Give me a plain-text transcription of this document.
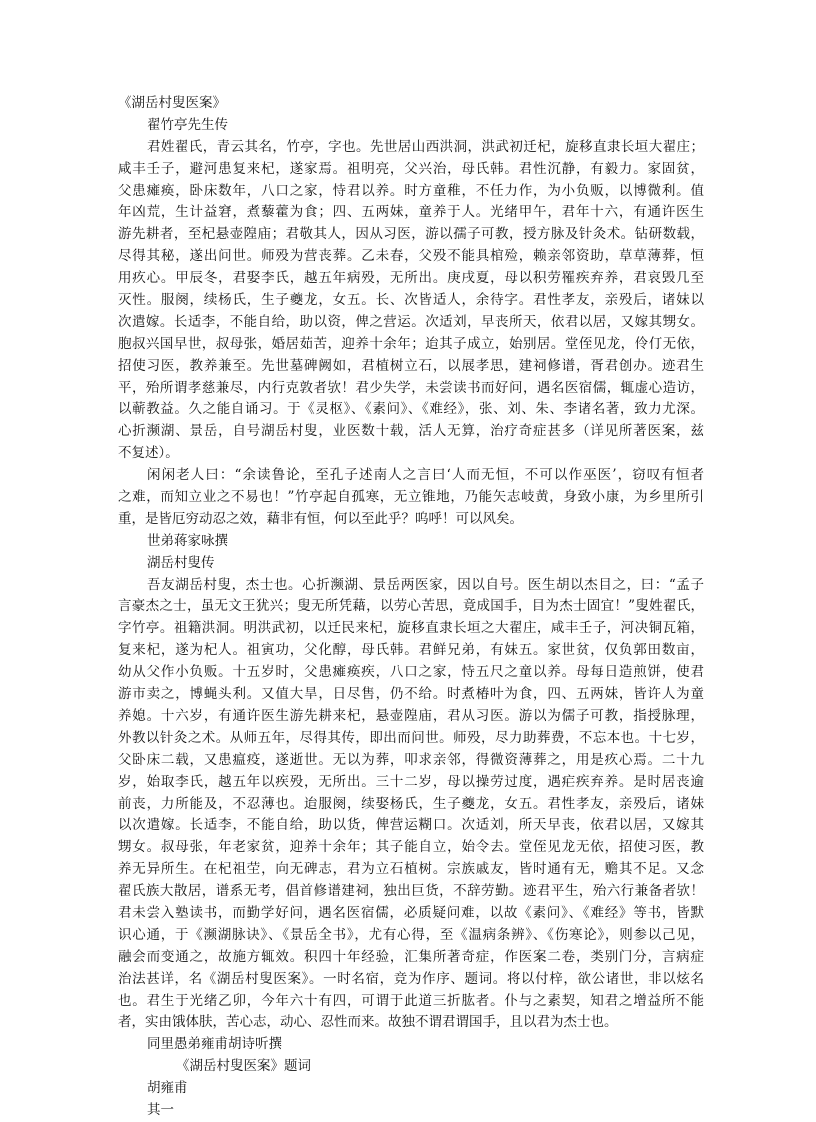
《湖岳村叟医案》
翟竹亭先生传
君姓翟氏，青云其名，竹亭，字也。先世居山西洪洞，洪武初迁杞，旋移直隶长垣大翟庄；
咸丰壬子，避河患复来杞，遂家焉。祖明亮，父兴治，母氏韩。君性沉静，有毅力。家固贫，
父患瘫痪，卧床数年，八口之家，恃君以养。时方童稚，不任力作，为小负贩，以博微利。值
年凶荒，生计益窘，煮藜藿为食；四、五两妹，童养于人。光绪甲午，君年十六，有通许医生
游先耕者，至杞悬壶隍庙；君敬其人，因从习医，游以孺子可教，授方脉及针灸术。钻研数载，
尽得其秘，遂出问世。师殁为营丧葬。乙未春，父殁不能具棺殓，赖亲邻资助，草草薄葬，恒
用疚心。甲辰冬，君娶李氏，越五年病殁，无所出。庚戌夏，母以积劳罹疾弃养，君哀毁几至
灭性。服阕，续杨氏，生子夔龙，女五。长、次皆适人，余待字。君性孝友，亲殁后，诸妹以
次遣嫁。长适李，不能自给，助以资，俾之营运。次适刘，早丧所天，依君以居，又嫁其甥女。
胞叔兴国早世，叔母张，婚居茹苦，迎养十余年；迨其子成立，始别居。堂侄见龙，伶仃无依，
招使习医，教养兼至。先世墓碑阙如，君植树立石，以展孝思，建祠修谱，胥君创办。迹君生
平，殆所谓孝慈兼尽，内行克敦者欤！君少失学，未尝读书而好问，遇名医宿儒，辄虚心造访，
以蕲教益。久之能自诵习。于《灵枢》、《素问》、《难经》，张、刘、朱、李诸名著，致力尤深。
心折濒湖、景岳，自号湖岳村叟，业医数十载，活人无算，治疗奇症甚多（详见所著医案，兹
不复述）。
闲闲老人曰：“余读鲁论，至孔子述南人之言曰‘人而无恒，不可以作巫医’，窃叹有恒者
之难，而知立业之不易也！”竹亭起自孤寒，无立锥地，乃能矢志岐黄，身致小康，为乡里所引
重，是皆厄穷动忍之效，藉非有恒，何以至此乎？呜呼！可以风矣。
世弟蒋家咏撰
湖岳村叟传
吾友湖岳村叟，杰士也。心折濒湖、景岳两医家，因以自号。医生胡以杰目之，曰：“孟子
言豪杰之士，虽无文王犹兴；叟无所凭藉，以劳心苦思，竟成国手，目为杰士固宜！”叟姓翟氏，
字竹亭。祖籍洪洞。明洪武初，以迁民来杞，旋移直隶长垣之大翟庄，咸丰壬子，河决铜瓦箱，
复来杞，遂为杞人。祖寅功，父化醇，母氏韩。君鲜兄弟，有妹五。家世贫，仅负郭田数亩，
幼从父作小负贩。十五岁时，父患瘫痪疾，八口之家，恃五尺之童以养。母每日造煎饼，使君
游市卖之，博蝇头利。又值大旱，日尽售，仍不给。时煮椿叶为食，四、五两妹，皆许人为童
养媳。十六岁，有通许医生游先耕来杞，悬壶隍庙，君从习医。游以为儒子可教，指授脉理，
外教以针灸之术。从师五年，尽得其传，即出而问世。师殁，尽力助葬费，不忘本也。十七岁，
父卧床二载，又患瘟疫，遂逝世。无以为葬，叩求亲邻，得微资薄葬之，用是疚心焉。二十九
岁，始取李氏，越五年以疾殁，无所出。三十二岁，母以操劳过度，遇疟疾弃养。是时居丧逾
前丧，力所能及，不忍薄也。迨服阕，续娶杨氏，生子夔龙，女五。君性孝友，亲殁后，诸妹
以次遣嫁。长适李，不能自给，助以货，俾营运糊口。次适刘，所天早丧，依君以居，又嫁其
甥女。叔母张，年老家贫，迎养十余年；其子能自立，始令去。堂侄见龙无依，招使习医，教
养无异所生。在杞祖茔，向无碑志，君为立石植树。宗族戚友，皆时通有无，赡其不足。又念
翟氏族大散居，谱系无考，倡首修谱建祠，独出巨货，不辞劳勤。迹君平生，殆六行兼备者欤！
君未尝入塾读书，而勤学好问，遇名医宿儒，必质疑问难，以故《素问》、《难经》等书，皆默
识心通，于《濒湖脉诀》、《景岳全书》，尤有心得，至《温病条辨》、《伤寒论》，则参以己见，
融会而变通之，故施方辄效。积四十年经验，汇集所著奇症，作医案二卷，类别门分，言病症
治法甚详，名《湖岳村叟医案》。一时名宿，竞为作序、题词。将以付梓，欲公诸世，非以炫名
也。君生于光绪乙卯，今年六十有四，可谓于此道三折肱者。仆与之素契，知君之增益所不能
者，实由饿体肤，苦心志，动心、忍性而来。故独不谓君谓国手，且以君为杰士也。
同里愚弟雍甫胡诗听撰
《湖岳村叟医案》题词
胡雍甫
其一
